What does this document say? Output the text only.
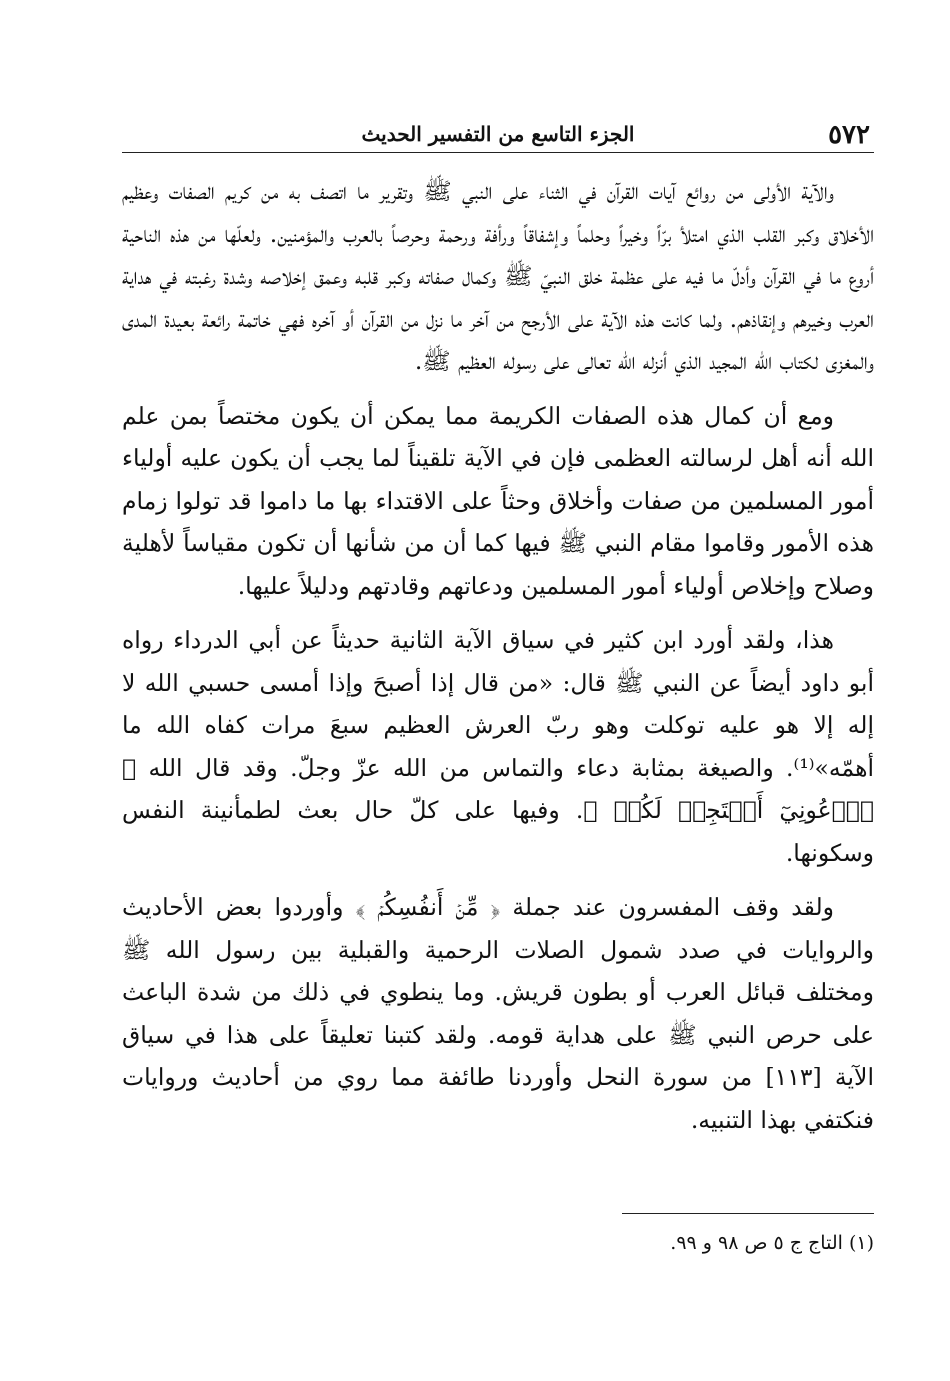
٥٧٢
الجزء التاسع من التفسير الحديث

والآية الأولى من روائع آيات القرآن في الثناء على النبي ﷺ وتقرير ما اتصف به من كريم الصفات وعظيم الأخلاق وكبر القلب الذي امتلأ برّاً وخيراً وحلماً وإشفاقاً ورأفة ورحمة وحرصاً بالعرب والمؤمنين. ولعلّها من هذه الناحية أروع ما في القرآن وأدلّ ما فيه على عظمة خلق النبيّ ﷺ وكمال صفاته وكبر قلبه وعمق إخلاصه وشدة رغبته في هداية العرب وخيرهم وإنقاذهم. ولما كانت هذه الآية على الأرجح من آخر ما نزل من القرآن أو آخره فهي خاتمة رائعة بعيدة المدى والمغزى لكتاب الله المجيد الذي أنزله الله تعالى على رسوله العظيم ﷺ.

ومع أن كمال هذه الصفات الكريمة مما يمكن أن يكون مختصاً بمن علم الله أنه أهل لرسالته العظمى فإن في الآية تلقيناً لما يجب أن يكون عليه أولياء أمور المسلمين من صفات وأخلاق وحثاً على الاقتداء بها ما داموا قد تولوا زمام هذه الأمور وقاموا مقام النبي ﷺ فيها كما أن من شأنها أن تكون مقياساً لأهلية وصلاح وإخلاص أولياء أمور المسلمين ودعاتهم وقادتهم ودليلاً عليها.

هذا، ولقد أورد ابن كثير في سياق الآية الثانية حديثاً عن أبي الدرداء رواه أبو داود أيضاً عن النبي ﷺ قال: «من قال إذا أصبحَ وإذا أمسى حسبي الله لا إله إلا هو عليه توكلت وهو ربّ العرش العظيم سبعَ مرات كفاه الله ما أهمّه»⁽¹⁾. والصيغة بمثابة دعاء والتماس من الله عزّ وجلّ. وقد قال الله ﴿ ٱدۡعُونِيٓ أَسۡتَجِبۡ لَكُمۡ ﴾. وفيها على كلّ حال بعث لطمأنينة النفس وسكونها.

ولقد وقف المفسرون عند جملة ﴿ مِّنۡ أَنفُسِكُمۡ ﴾ وأوردوا بعض الأحاديث والروايات في صدد شمول الصلات الرحمية والقبلية بين رسول الله ﷺ ومختلف قبائل العرب أو بطون قريش. وما ينطوي في ذلك من شدة الباعث على حرص النبي ﷺ على هداية قومه. ولقد كتبنا تعليقاً على هذا في سياق الآية [١١٣] من سورة النحل وأوردنا طائفة مما روي من أحاديث وروايات فنكتفي بهذا التنبيه.

(١) التاج ج ٥ ص ٩٨ و ٩٩.
